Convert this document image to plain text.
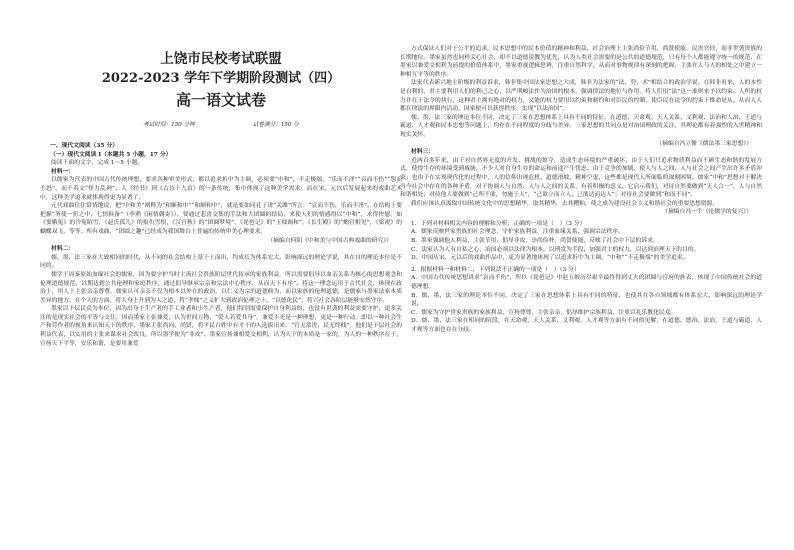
上饶市民校考试联盟
2022-2023 学年下学期阶段测试（四）
高一语文试卷
考试时间：150 分钟	试卷满分：150 分

一、现代文阅读（35 分）

（一）现代文阅读 I（本题共 5 小题，17 分）

阅读下面的文字，完成 1～5 小题。

材料一：

以儒家为代表的中国古代传统理想，要求各种审美形式，都以追求折中为主调，必须要“中和”，不走极端，“乐而不淫”“哀而不伤”“怨而不怒”，而不着文“怪力乱神”。人《经书》到《古诗十九首》的一条传统，集中体现了这种美学需求。而在宋、元以后发展起来的戏曲艺术中，这种美学追求就体现得更为显著了。

元代戏曲往往常情地说，把“中和美”阐释为“和顺和中”“和顺和中”，就是要如同孔子讲“关雎”所言：“哀而不伤，乐而不淫”。在结构上要把握“务使一折之中，七情俱备”（李渔《闲情偶寄》）。要通过悲喜交集的手法和大团圆的结局，来使人们的情感得以“中和”，求得快慰。如《窦娥冤》的冷冤昭雪，《赵氏孤儿》的报仇雪恨，《汉宫秋》的“团圆梦境”，《琵琶记》的“玉烛调和”，《长生殿》的“蟾宫相见”，《梁祝》的蝴蝶双飞，等等。所有戏曲，“团圆之趣”已经成为我国舞台上普遍的传统审美心理要求。

（摘编自何阳《中和美与中国古典戏曲的研究》）

材料二：

儒、墨、法三家在大致相同的时代，从不同的社会结构上基于土而出，均成长为体系宏大、影响深远的理论学说，其在自的理论本位是不同的。

儒学于周秦原始血缘社会的儒家，因为要守护当时主流社会贵族阶层世代传承的家族利益，所以需要倡导以血亲关系为核心的思想观念和伦理道德规范，以期达到公共伦理和家庭秩序，通过倡导继承宗亲和宗法中心秩序，从而天下有序”。将这一理念运用于古代社会，体现在政治上，用人上主张亲亲尊尊，儒家认可亲亲不仅为根本以外在的政治，以仁义为宗的道德修为，而以家族的伦理道德，是儒家与墨家法家本质差异的地方。在个人的方面，将人身上升到为人之道，将“孝悌”之义扩大到政治伦理之上，“以德化民”，将兴社会各阶层能够安然守序。

墨家以下层民众为本位，因为出身于生产者的手工业者和小生产者，他们特别需要保护自身利益的，也没有世袭的利益需要守护，更多关注的是现实社会的平等与交往，因而墨家主张兼爱，认为世间万物，“爱人若爱其身”，兼爱不光是一种理想，更是一种行动。即以一种社会生产和劳作者的视角来认知天下的秩序，墨家主张尚同、尚贤，将平民百姓中有才干的人选拔出来，“官无常贵，民无终贱”。他们是下层社会的利益代表，以实用的主张来谋求社会改良，所以墨学便为“非攻”、墨家宣扬兼相爱交相利，认为天下的本质是一家的，为人的一种秩序在于，宣扬天下平等，安乐和谐，是要用兼爱

方式保证人们对于公平的追求，民本思想中的民本价值的精神和利益，社会治理上主张尚俭节用，尚贤使能，民贵官轻，而非世袭贵族的长期地位。墨家虽然也同样关心社会，却不以道德说教为优先，认为人类社会需要的是公共的道德规范，只有每个人都能遵守统一的规范，在墨家以兼爱交相利为前提的价值体系中，墨家重视逻辑思辨，注重自然科学，从而对事物规律有深刻的把握，主张在人与人的相处之中建立一种相互平等的秩序。

法家代表新兴地主阶级的利益诉求，韩非集中国法家思想之大成，韩非为法家的“法、势、术”相结合的政治学说。在韩非看来，人的本性是自利的，君主要利用人们的利己之心，以严刑峻法作为治国的根本，强调律法的地位与作用，将人们用“法”这一准则来予以约束。人所的权力并在于法令的执行，这种君主拥有绝对的权力，又能的权力要用以约束和制约和对臣民的控制，使臣民在法令的约束下惟命是从，从而人人都在律法的界限内活动，国家便可以获得秩序，实现“以法治国”。

儒、墨、法三家的理论本位不同，决定了三家在思想体系上具有不同的特征。在道德、天命观、天人关系、义利观、法治和人治、王道与霸道、人才观和民本思想等问题上，均存在不同程度的分歧与差异。三家思想的共同点是对治国理政的关注，其理论都有着强烈的入世精神和现实关怀。

（摘编自冯立鳌《儒法墨三家思想》）

材料三：

近两百多年来，由于对自然界无度的开发、挑战的掠夺，造成生态环境的严重破坏，由于人们只追求物质利益而不顾生态和谐的发展方式，使得生存的环境受到威胁，不少人对自身生存的命运和前途产生忧虑。由于竞争的加剧，使人与人之间、人与社会之间产生出许多矛盾冲突；也由于在实现现代化的过程中，人的信仰出现危机、道德滑坡、精神空虚，这些都是现代人所面临的深刻困境。儒家“中和”思想对于解决当今社会中存在的各种矛盾，对于协调人与自然、人与人之间的关系，有着积极的意义。它启示我们，对待自然要做到“天人合一”，人与自然和谐相处；对待他人要做到“己所不欲，勿施于人”，“己欲立而立人，己欲达而达人”；对待社会要做到“和而不同”。

我们应该认真汲取中国传统文化中的思想精华，取其精华，去其糟粕，使之成为建设社会主义和谐社会的重要思想资源。

（摘编自冯一个《论儒学的复兴》）

1．下列对材料相关内容的理解和分析，正确的一项是（　）（3 分）

A．儒家反映世家贵族的社会理念，守护家族利益，注重血缘关系，强调宗法秩序。

B．墨家强调他人利益，主张节用，倡导非攻，崇尚俭朴，尚贤使能，反映了社会中下层的诉求。

C．法家认为人有自私之心，治国必须以法律为根本，以刑赏为手段，加强君主的权力，以达到治理天下的目的。

D．中国从宋、元以后的戏曲作品中，更为显著地体现了以追求折中为主调，“中和”“不走极端”的美学追求。

2．根据材料一和材料二，下列说法不正确的一项是（　）（3 分）

A．中国古代传统思想讲求“哀而不伤”，所以《琵琶记》中赵五娘历尽艰辛最终得到丈夫的团圆与官府的旌表，体现了中国传统社会的道德理想。

B．儒、墨、法三家的理论本位不同，决定了三家在思想体系上具有不同的特征，也使其在各自领域都有体系宏大、影响深远的理论学说。

C．儒家为守护世家贵族的家族利益，宣扬尊尊，主张亲亲，倡导维护宗族利益，注重以礼乐教化民众。

D．儒、墨、法三家在相同的阶段，在天命观、天人关系、义利观、人才观等方面有不同的见解，在道德、德治、法治、王道与霸道、人才观等方面也存在分歧。
